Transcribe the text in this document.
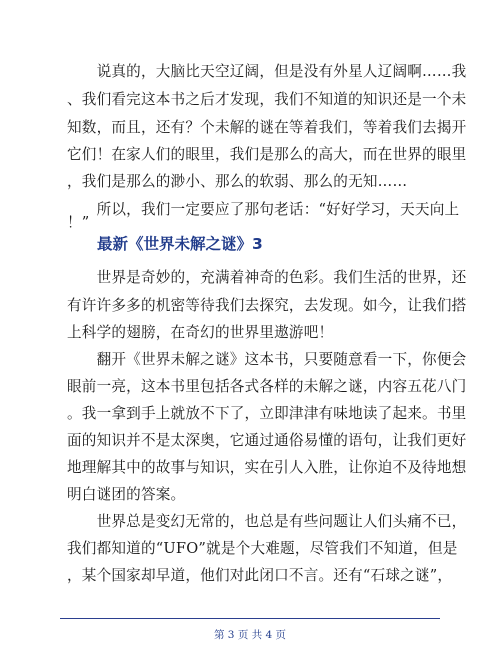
　　说真的，大脑比天空辽阔，但是没有外星人辽阔啊……我
、我们看完这本书之后才发现，我们不知道的知识还是一个未
知数，而且，还有？个未解的谜在等着我们，等着我们去揭开
它们！在家人们的眼里，我们是那么的高大，而在世界的眼里
，我们是那么的渺小、那么的软弱、那么的无知……
　　所以，我们一定要应了那句老话：“好好学习，天天向上
！”
最新《世界未解之谜》3
　　世界是奇妙的，充满着神奇的色彩。我们生活的世界，还
有许许多多的机密等待我们去探究，去发现。如今，让我们搭
上科学的翅膀，在奇幻的世界里遨游吧！
　　翻开《世界未解之谜》这本书，只要随意看一下，你便会
眼前一亮，这本书里包括各式各样的未解之谜，内容五花八门
。我一拿到手上就放不下了，立即津津有味地读了起来。书里
面的知识并不是太深奥，它通过通俗易懂的语句，让我们更好
地理解其中的故事与知识，实在引人入胜，让你迫不及待地想
明白谜团的答案。
　　世界总是变幻无常的，也总是有些问题让人们头痛不已，
我们都知道的“UFO”就是个大难题，尽管我们不知道，但是
，某个国家却早道，他们对此闭口不言。还有“石球之谜”，
第 3 页 共 4 页
